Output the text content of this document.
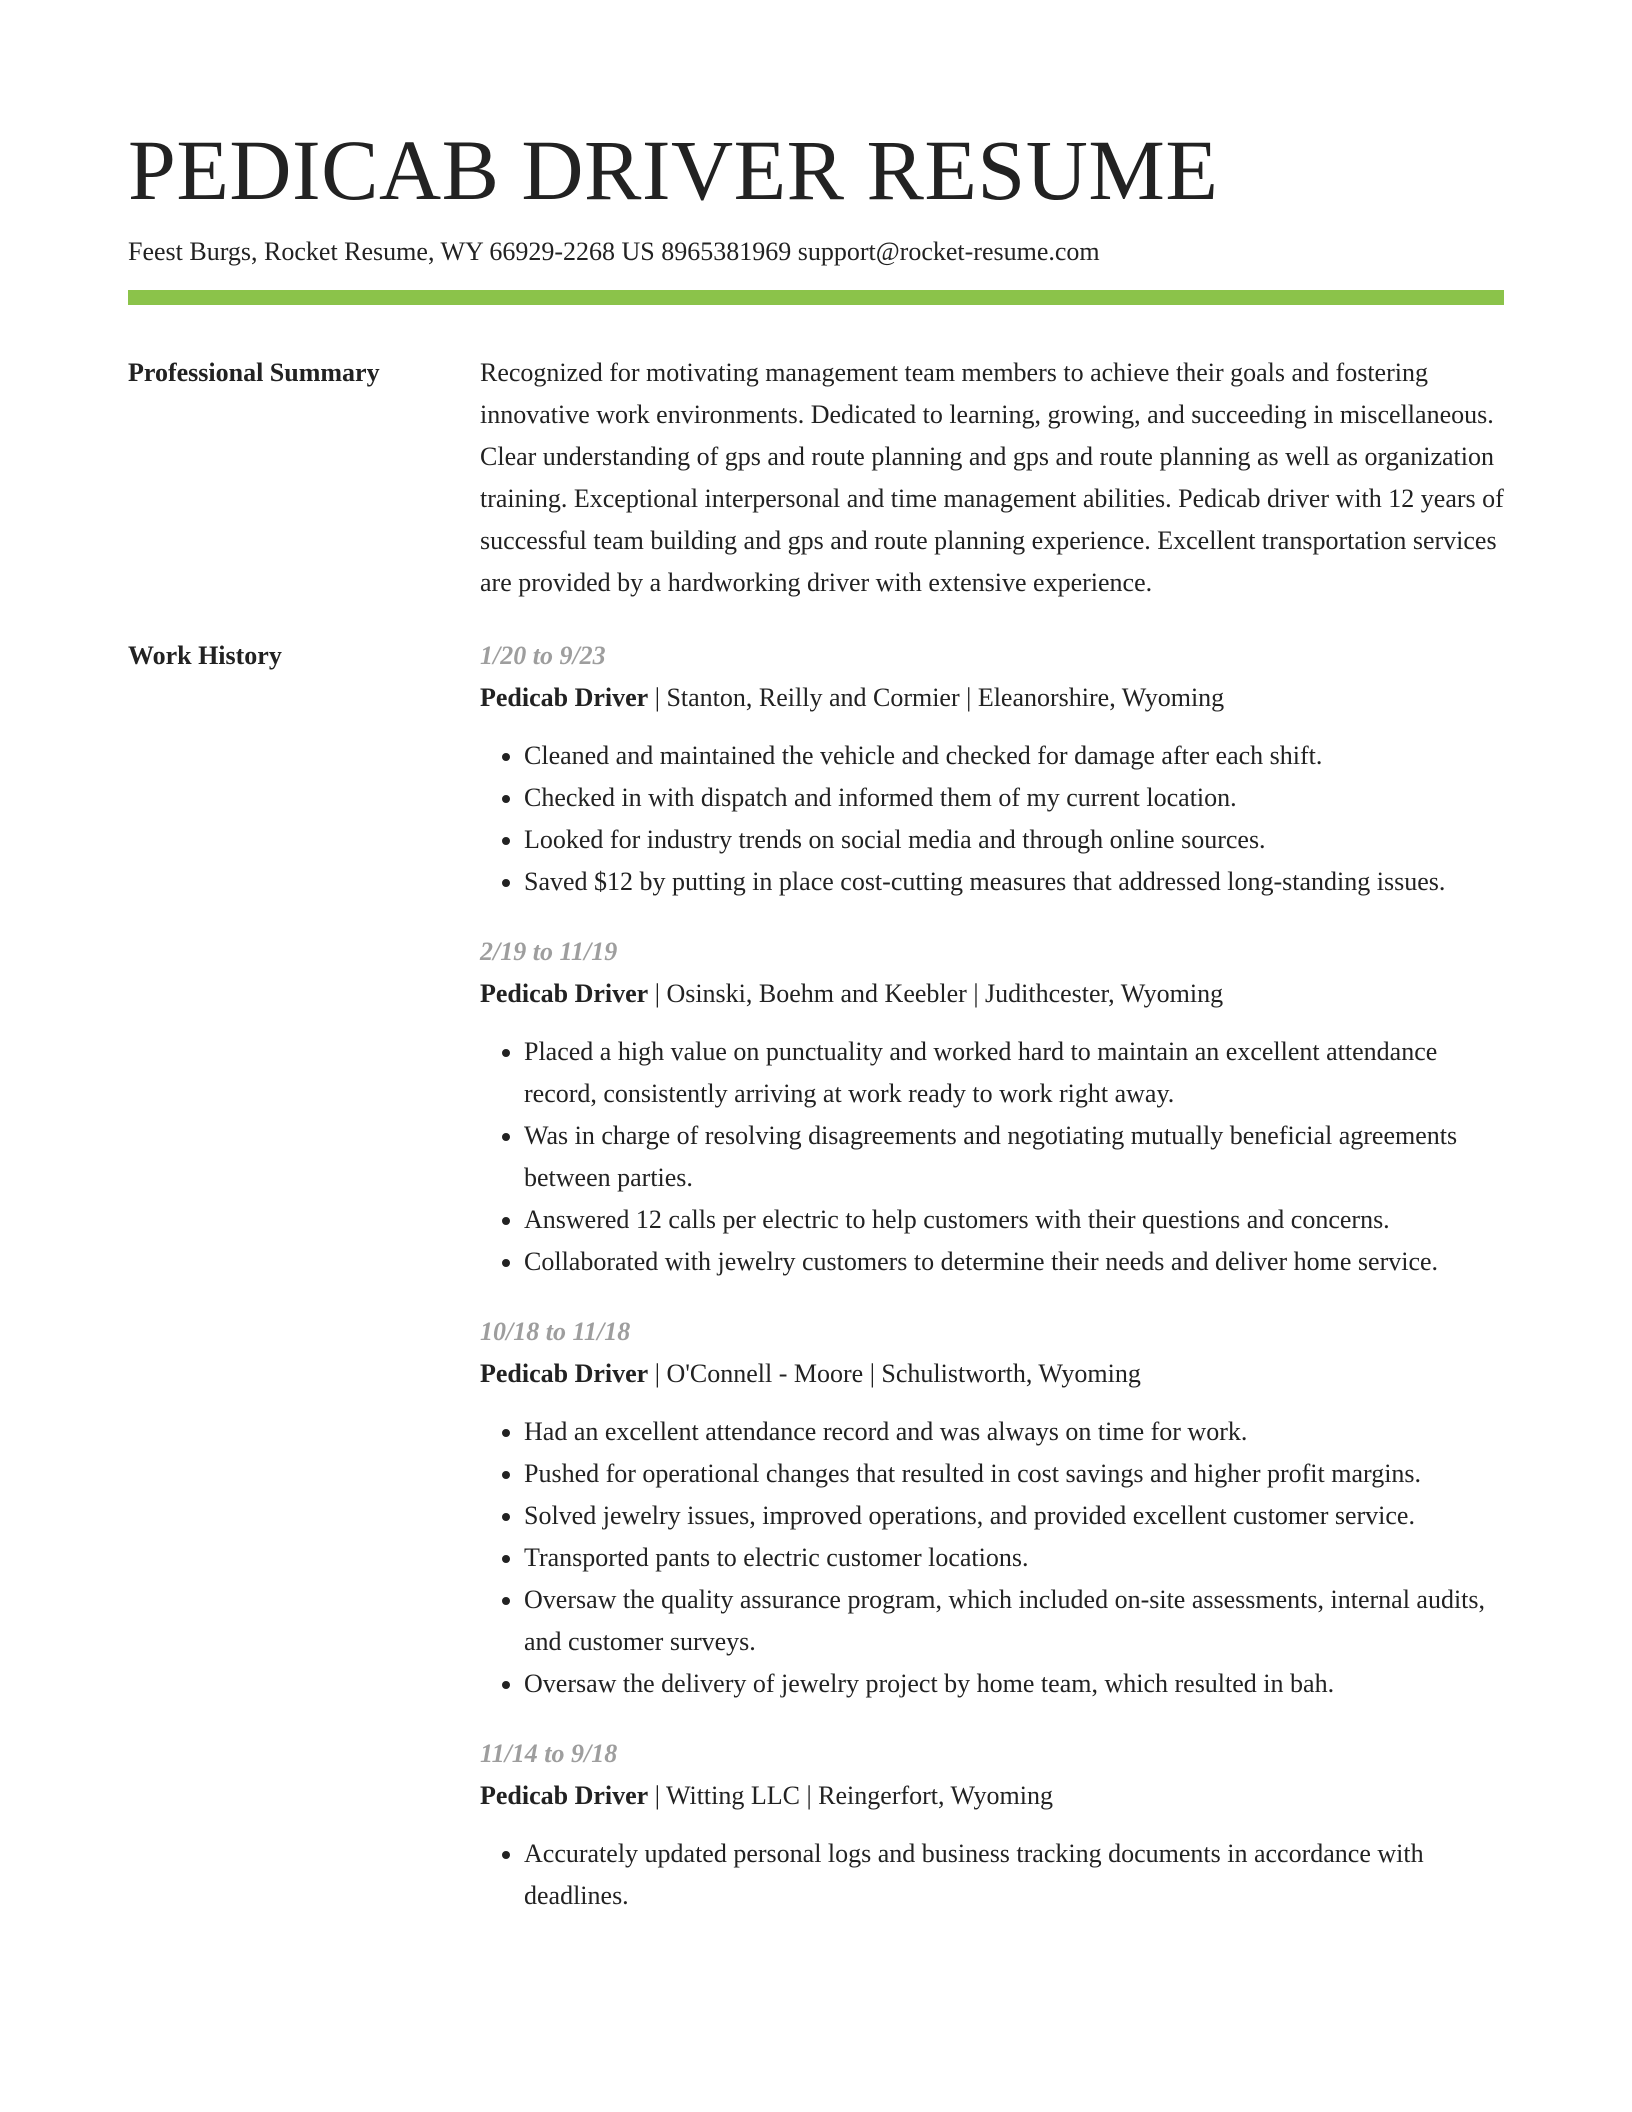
PEDICAB DRIVER RESUME
Feest Burgs, Rocket Resume, WY 66929-2268 US 8965381969 support@rocket-resume.com
Professional Summary	Recognized for motivating management team members to achieve their goals and fostering innovative work environments. Dedicated to learning, growing, and succeeding in miscellaneous. Clear understanding of gps and route planning and gps and route planning as well as organization training. Exceptional interpersonal and time management abilities. Pedicab driver with 12 years of successful team building and gps and route planning experience. Excellent transportation services are provided by a hardworking driver with extensive experience.

Work History	1/20 to 9/23
Pedicab Driver | Stanton, Reilly and Cormier | Eleanorshire, Wyoming
• Cleaned and maintained the vehicle and checked for damage after each shift.
• Checked in with dispatch and informed them of my current location.
• Looked for industry trends on social media and through online sources.
• Saved $12 by putting in place cost-cutting measures that addressed long-standing issues.
2/19 to 11/19
Pedicab Driver | Osinski, Boehm and Keebler | Judithcester, Wyoming
• Placed a high value on punctuality and worked hard to maintain an excellent attendance record, consistently arriving at work ready to work right away.
• Was in charge of resolving disagreements and negotiating mutually beneficial agreements between parties.
• Answered 12 calls per electric to help customers with their questions and concerns.
• Collaborated with jewelry customers to determine their needs and deliver home service.
10/18 to 11/18
Pedicab Driver | O'Connell - Moore | Schulistworth, Wyoming
• Had an excellent attendance record and was always on time for work.
• Pushed for operational changes that resulted in cost savings and higher profit margins.
• Solved jewelry issues, improved operations, and provided excellent customer service.
• Transported pants to electric customer locations.
• Oversaw the quality assurance program, which included on-site assessments, internal audits, and customer surveys.
• Oversaw the delivery of jewelry project by home team, which resulted in bah.
11/14 to 9/18
Pedicab Driver | Witting LLC | Reingerfort, Wyoming
• Accurately updated personal logs and business tracking documents in accordance with deadlines.
